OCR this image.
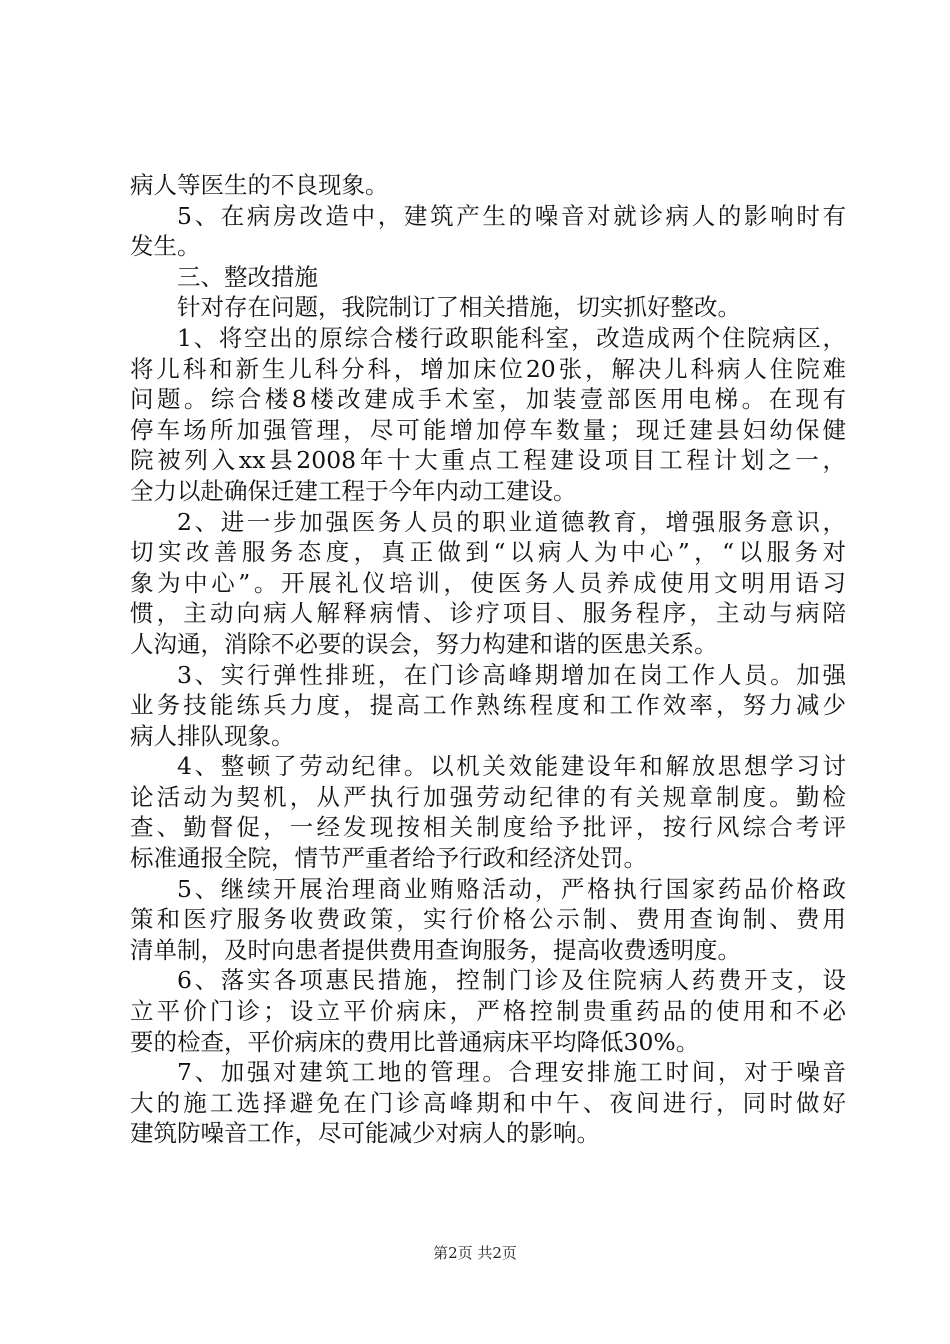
病人等医生的不良现象。
5、在病房改造中，建筑产生的噪音对就诊病人的影响时有
发生。
三、整改措施
针对存在问题，我院制订了相关措施，切实抓好整改。
1、将空出的原综合楼行政职能科室，改造成两个住院病区，
将儿科和新生儿科分科，增加床位20张，解决儿科病人住院难
问题。综合楼8楼改建成手术室，加装壹部医用电梯。在现有
停车场所加强管理，尽可能增加停车数量；现迁建县妇幼保健
院被列入xx县2008年十大重点工程建设项目工程计划之一，
全力以赴确保迁建工程于今年内动工建设。
2、进一步加强医务人员的职业道德教育，增强服务意识，
切实改善服务态度，真正做到“以病人为中心”，“以服务对
象为中心”。开展礼仪培训，使医务人员养成使用文明用语习
惯，主动向病人解释病情、诊疗项目、服务程序，主动与病陪
人沟通，消除不必要的误会，努力构建和谐的医患关系。
3、实行弹性排班，在门诊高峰期增加在岗工作人员。加强
业务技能练兵力度，提高工作熟练程度和工作效率，努力减少
病人排队现象。
4、整顿了劳动纪律。以机关效能建设年和解放思想学习讨
论活动为契机，从严执行加强劳动纪律的有关规章制度。勤检
查、勤督促，一经发现按相关制度给予批评，按行风综合考评
标准通报全院，情节严重者给予行政和经济处罚。
5、继续开展治理商业贿赂活动，严格执行国家药品价格政
策和医疗服务收费政策，实行价格公示制、费用查询制、费用
清单制，及时向患者提供费用查询服务，提高收费透明度。
6、落实各项惠民措施，控制门诊及住院病人药费开支，设
立平价门诊；设立平价病床，严格控制贵重药品的使用和不必
要的检查，平价病床的费用比普通病床平均降低30%。
7、加强对建筑工地的管理。合理安排施工时间，对于噪音
大的施工选择避免在门诊高峰期和中午、夜间进行，同时做好
建筑防噪音工作，尽可能减少对病人的影响。
第2页 共2页
